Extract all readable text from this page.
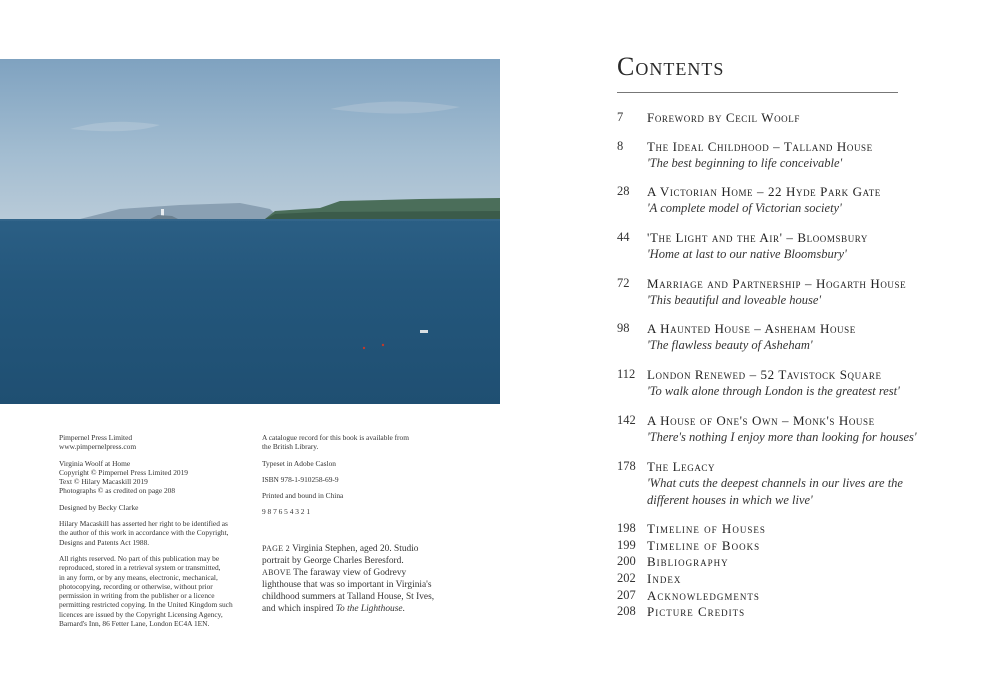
Pimpernel Press Limited
www.pimpernelpress.com

Virginia Woolf at Home
Copyright © Pimpernel Press Limited 2019
Text © Hilary Macaskill 2019
Photographs © as credited on page 208

Designed by Becky Clarke

Hilary Macaskill has asserted her right to be identified as
the author of this work in accordance with the Copyright,
Designs and Patents Act 1988.

All rights reserved. No part of this publication may be
reproduced, stored in a retrieval system or transmitted,
in any form, or by any means, electronic, mechanical,
photocopying, recording or otherwise, without prior
permission in writing from the publisher or a licence
permitting restricted copying. In the United Kingdom such
licences are issued by the Copyright Licensing Agency,
Barnard's Inn, 86 Fetter Lane, London EC4A 1EN.

A catalogue record for this book is available from
the British Library.

Typeset in Adobe Caslon

ISBN 978-1-910258-69-9

Printed and bound in China

9 8 7 6 5 4 3 2 1

PAGE 2 Virginia Stephen, aged 20. Studio portrait by George Charles Beresford.
ABOVE The faraway view of Godrevy lighthouse that was so important in Virginia's childhood summers at Talland House, St Ives, and which inspired To the Lighthouse.
Contents
7 Foreword by Cecil Woolf
8 The Ideal Childhood – Talland House
'The best beginning to life conceivable'
28 A Victorian Home – 22 Hyde Park Gate
'A complete model of Victorian society'
44 'The Light and the Air' – Bloomsbury
'Home at last to our native Bloomsbury'
72 Marriage and Partnership – Hogarth House
'This beautiful and loveable house'
98 A Haunted House – Asheham House
'The flawless beauty of Asheham'
112 London Renewed – 52 Tavistock Square
'To walk alone through London is the greatest rest'
142 A House of One's Own – Monk's House
'There's nothing I enjoy more than looking for houses'
178 The Legacy
'What cuts the deepest channels in our lives are the different houses in which we live'
198 Timeline of Houses
199 Timeline of Books
200 Bibliography
202 Index
207 Acknowledgments
208 Picture Credits
